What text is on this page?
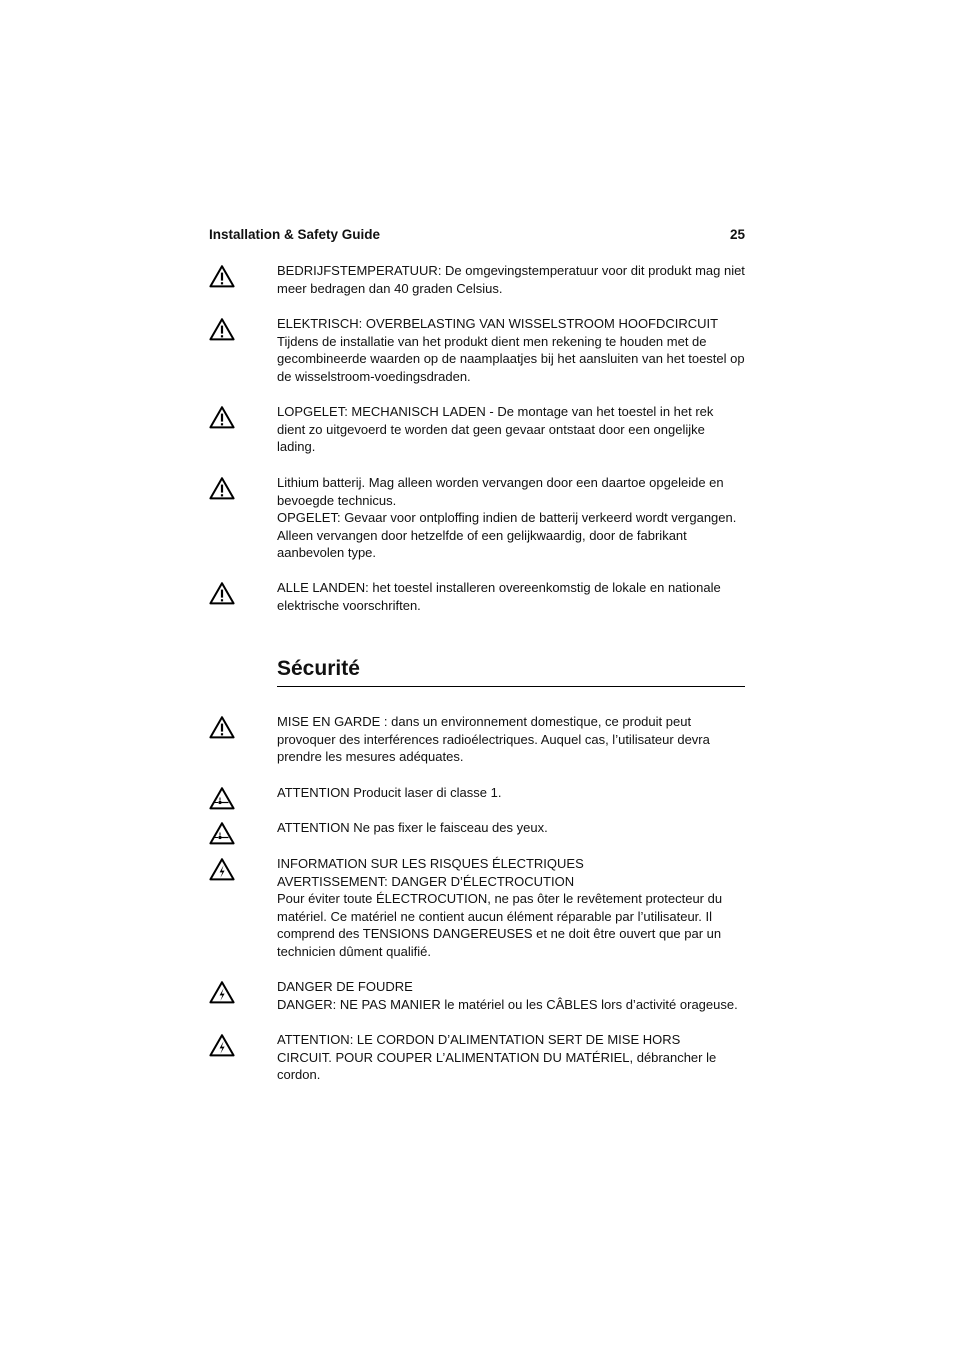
Installation & Safety Guide	25
BEDRIJFSTEMPERATUUR: De omgevingstemperatuur voor dit produkt mag niet
meer bedragen dan 40 graden Celsius.
ELEKTRISCH: OVERBELASTING VAN WISSELSTROOM HOOFDCIRCUIT
Tijdens de installatie van het produkt dient men rekening te houden met de
gecombineerde waarden op de naamplaatjes bij het aansluiten van het toestel op
de wisselstroom-voedingsdraden.
LOPGELET: MECHANISCH LADEN - De montage van het toestel in het rek
dient zo uitgevoerd te worden dat geen gevaar ontstaat door een ongelijke
lading.
Lithium batterij. Mag alleen worden vervangen door een daartoe opgeleide en
bevoegde technicus.
OPGELET: Gevaar voor ontploffing indien de batterij verkeerd wordt vergangen.
Alleen vervangen door hetzelfde of een gelijkwaardig, door de fabrikant
aanbevolen type.
ALLE LANDEN: het toestel installeren overeenkomstig de lokale en nationale
elektrische voorschriften.
Sécurité
MISE EN GARDE : dans un environnement domestique, ce produit peut
provoquer des interférences radioélectriques. Auquel cas, l’utilisateur devra
prendre les mesures adéquates.
ATTENTION Producit laser di classe 1.
ATTENTION Ne pas fixer le faisceau des yeux.
INFORMATION SUR LES RISQUES ÉLECTRIQUES
AVERTISSEMENT: DANGER D’ÉLECTROCUTION
Pour éviter toute ÉLECTROCUTION, ne pas ôter le revêtement protecteur du
matériel. Ce matériel ne contient aucun élément réparable par l’utilisateur. Il
comprend des TENSIONS DANGEREUSES et ne doit être ouvert que par un
technicien dûment qualifié.
DANGER DE FOUDRE
DANGER: NE PAS MANIER le matériel ou les CÂBLES lors d’activité orageuse.
ATTENTION: LE CORDON D’ALIMENTATION SERT DE MISE HORS
CIRCUIT. POUR COUPER L’ALIMENTATION DU MATÉRIEL, débrancher le
cordon.
